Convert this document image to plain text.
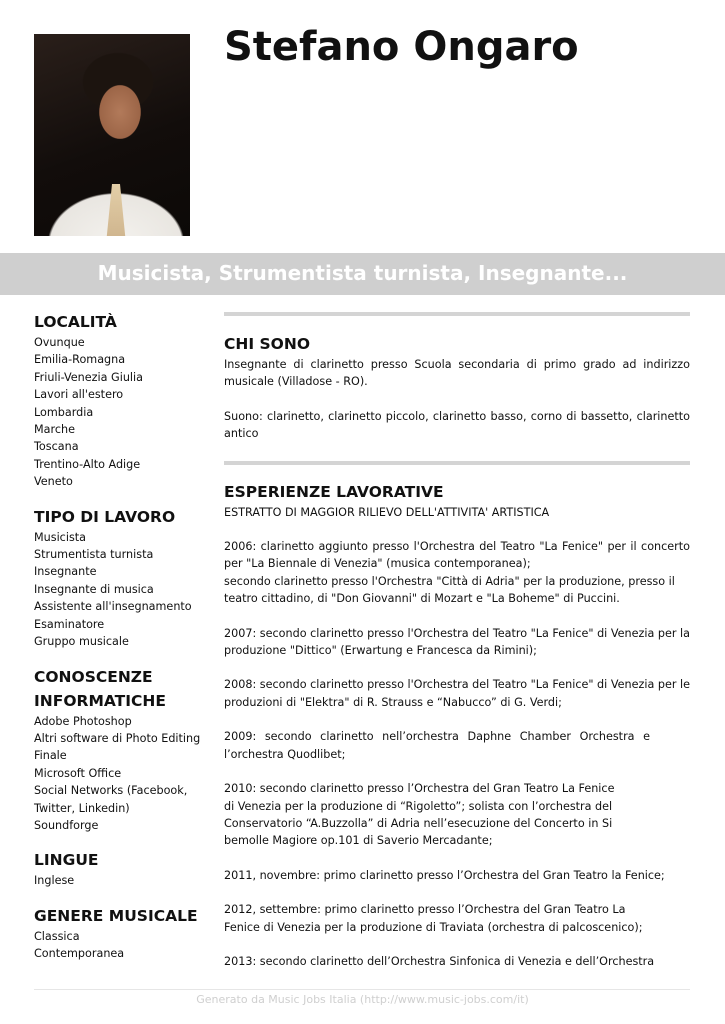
Stefano Ongaro
Musicista, Strumentista turnista, Insegnante...
LOCALITÀ
Ovunque
Emilia-Romagna
Friuli-Venezia Giulia
Lavori all'estero
Lombardia
Marche
Toscana
Trentino-Alto Adige
Veneto
TIPO DI LAVORO
Musicista
Strumentista turnista
Insegnante
Insegnante di musica
Assistente all'insegnamento
Esaminatore
Gruppo musicale
CONOSCENZE
INFORMATICHE
Adobe Photoshop
Altri software di Photo Editing
Finale
Microsoft Office
Social Networks (Facebook,
Twitter, Linkedin)
Soundforge
LINGUE
Inglese
GENERE MUSICALE
Classica
Contemporanea
CHI SONO

Insegnante di clarinetto presso Scuola secondaria di primo grado ad indirizzo musicale (Villadose - RO).

Suono: clarinetto, clarinetto piccolo, clarinetto basso, corno di bassetto, clarinetto antico

ESPERIENZE LAVORATIVE

ESTRATTO DI MAGGIOR RILIEVO DELL'ATTIVITA' ARTISTICA

2006: clarinetto aggiunto presso l'Orchestra del Teatro "La Fenice" per il concerto per "La Biennale di Venezia" (musica contemporanea);

secondo clarinetto presso l'Orchestra "Città di Adria" per la produzione, presso il teatro cittadino, di "Don Giovanni" di Mozart e "La Boheme" di Puccini.

2007: secondo clarinetto presso l'Orchestra del Teatro "La Fenice" di Venezia per la produzione "Dittico" (Erwartung e Francesca da Rimini);

2008: secondo clarinetto presso l'Orchestra del Teatro "La Fenice" di Venezia per le produzioni di "Elektra" di R. Strauss e “Nabucco” di G. Verdi;

2009: secondo clarinetto nell’orchestra Daphne Chamber Orchestra e l’orchestra Quodlibet;

2010: secondo clarinetto presso l’Orchestra del Gran Teatro La Fenice di Venezia per la produzione di “Rigoletto”; solista con l’orchestra del Conservatorio “A.Buzzolla” di Adria nell’esecuzione del Concerto in Si bemolle Magiore op.101 di Saverio Mercadante;

2011, novembre: primo clarinetto presso l’Orchestra del Gran Teatro la Fenice;

2012, settembre: primo clarinetto presso l’Orchestra del Gran Teatro La Fenice di Venezia per la produzione di Traviata (orchestra di palcoscenico);

2013: secondo clarinetto dell’Orchestra Sinfonica di Venezia e dell’Orchestra

Generato da Music Jobs Italia (http://www.music-jobs.com/it)
